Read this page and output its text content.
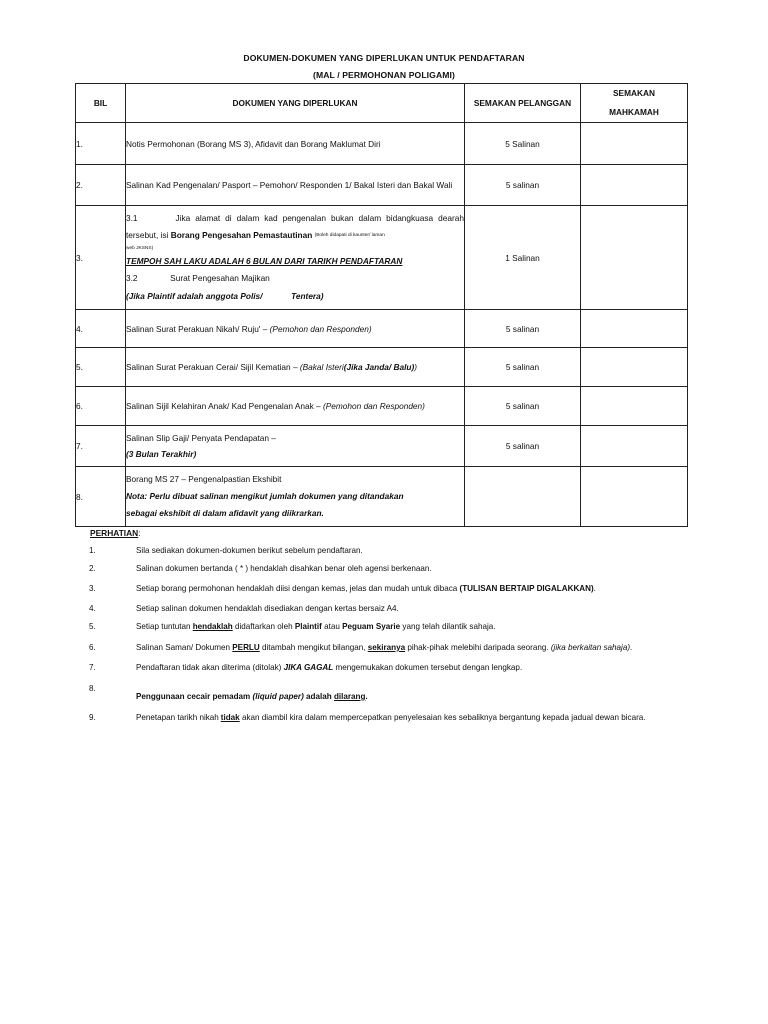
DOKUMEN-DOKUMEN YANG DIPERLUKAN UNTUK PENDAFTARAN
(MAL / PERMOHONAN POLIGAMI)
BIL	DOKUMEN YANG DIPERLUKAN	SEMAKAN PELANGGAN	SEMAKAN
MAHKAMAH

1.	Notis Permohonan (Borang MS 3), Afidavit dan Borang Maklumat Diri	5 Salinan	
2.	Salinan Kad Pengenalan/ Pasport – Pemohon/ Responden 1/ Bakal Isteri dan Bakal Wali	5 salinan	
3.	3.1 Jika alamat di dalam kad pengenalan bukan dalam bidangkuasa dearah tersebut, isi Borang Pengesahan Pemastautinan $^{(Boleh didapati di kaunter/ laman}$
web JKSNS)
TEMPOH SAH LAKU ADALAH 6 BULAN DARI TARIKH PENDAFTARAN
3.2 Surat Pengesahan Majikan
(Jika Plaintif adalah anggota Polis/ Tentera)	1 Salinan	
4.	Salinan Surat Perakuan Nikah/ Ruju' – (Pemohon dan Responden)	5 salinan	
5.	Salinan Surat Perakuan Cerai/ Sijil Kematian – (Bakal Isteri(Jika Janda/ Balu))	5 salinan	
6.	Salinan Sijil Kelahiran Anak/ Kad Pengenalan Anak – (Pemohon dan Responden)	5 salinan	
7.	Salinan Slip Gaji/ Penyata Pendapatan –
(3 Bulan Terakhir)	5 salinan	
8.	Borang MS 27 – Pengenalpastian Ekshibit
Nota: Perlu dibuat salinan mengikut jumlah dokumen yang ditandakan
sebagai ekshibit di dalam afidavit yang diikrarkan.		

PERHATIAN:
1.	Sila sediakan dokumen-dokumen berikut sebelum pendaftaran.
2.	Salinan dokumen bertanda ( * ) hendaklah disahkan benar oleh agensi berkenaan.
3.	Setiap borang permohonan hendaklah diisi dengan kemas, jelas dan mudah untuk dibaca (TULISAN BERTAIP DIGALAKKAN).
4.	Setiap salinan dokumen hendaklah disediakan dengan kertas bersaiz A4.
5.	Setiap tuntutan hendaklah didaftarkan oleh Plaintif atau Peguam Syarie yang telah dilantik sahaja.
6.	Salinan Saman/ Dokumen PERLU ditambah mengikut bilangan, sekiranya pihak-pihak melebihi daripada seorang. (jika berkaitan sahaja).
7.	Pendaftaran tidak akan diterima (ditolak) JIKA GAGAL mengemukakan dokumen tersebut dengan lengkap.
8.
Penggunaan cecair pemadam (liquid paper) adalah dilarang.
9.	Penetapan tarikh nikah tidak akan diambil kira dalam mempercepatkan penyelesaian kes sebaliknya bergantung kepada jadual dewan bicara.
